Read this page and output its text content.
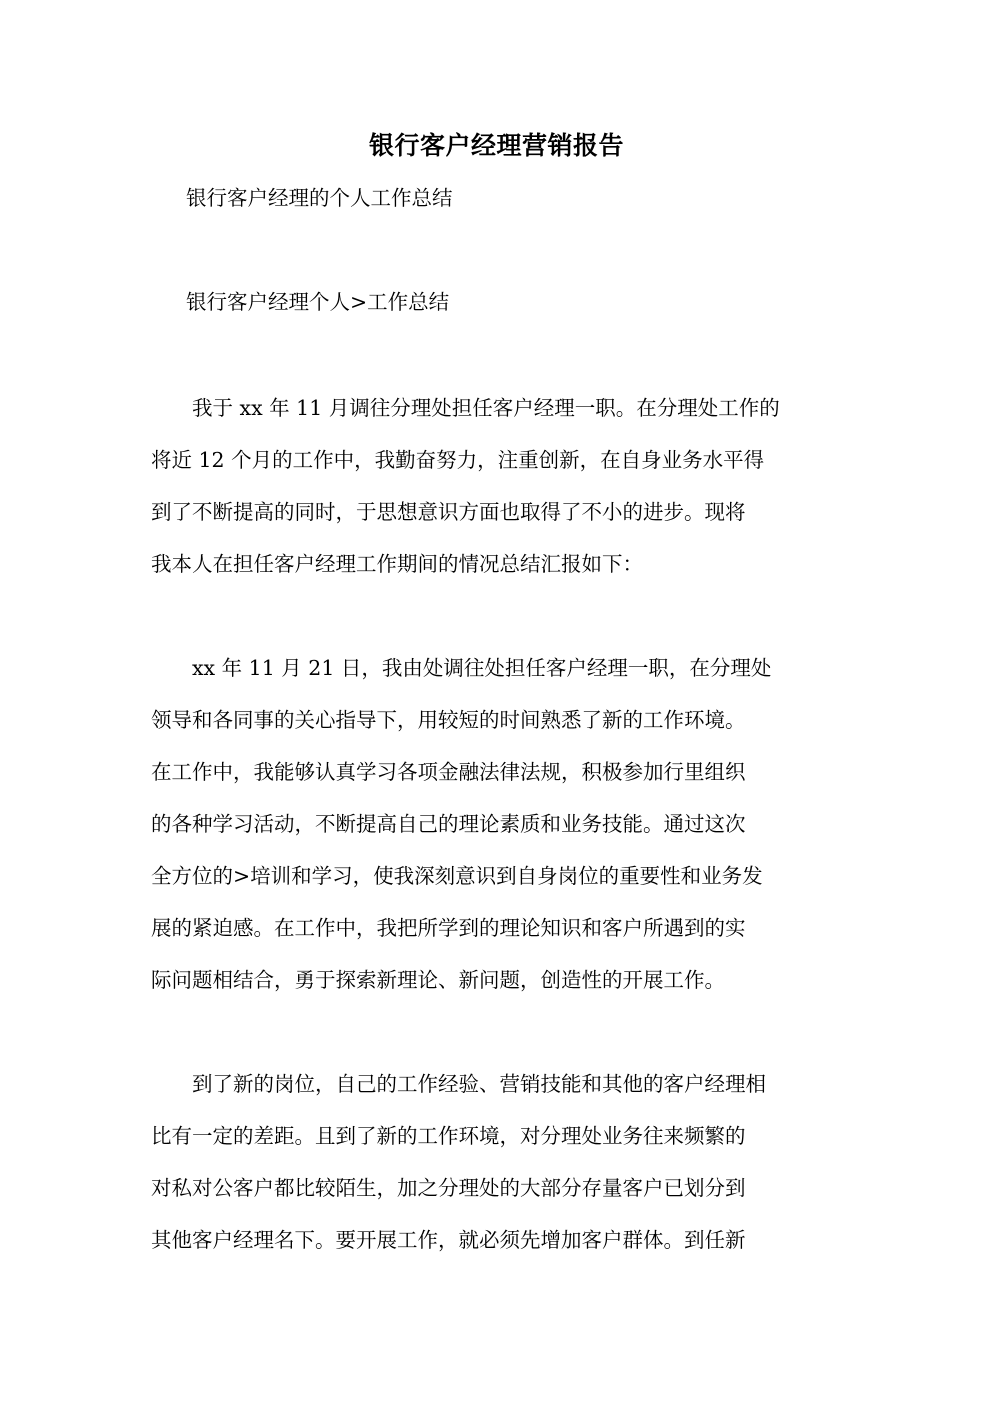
银行客户经理营销报告
银行客户经理的个人工作总结
银行客户经理个人>工作总结
　　我于 xx 年 11 月调往分理处担任客户经理一职。在分理处工作的
将近 12 个月的工作中，我勤奋努力，注重创新，在自身业务水平得
到了不断提高的同时，于思想意识方面也取得了不小的进步。现将
我本人在担任客户经理工作期间的情况总结汇报如下：
　　xx 年 11 月 21 日，我由处调往处担任客户经理一职，在分理处
领导和各同事的关心指导下，用较短的时间熟悉了新的工作环境。
在工作中，我能够认真学习各项金融法律法规，积极参加行里组织
的各种学习活动，不断提高自己的理论素质和业务技能。通过这次
全方位的>培训和学习，使我深刻意识到自身岗位的重要性和业务发
展的紧迫感。在工作中，我把所学到的理论知识和客户所遇到的实
际问题相结合，勇于探索新理论、新问题，创造性的开展工作。
　　到了新的岗位，自己的工作经验、营销技能和其他的客户经理相
比有一定的差距。且到了新的工作环境，对分理处业务往来频繁的
对私对公客户都比较陌生，加之分理处的大部分存量客户已划分到
其他客户经理名下。要开展工作，就必须先增加客户群体。到任新
